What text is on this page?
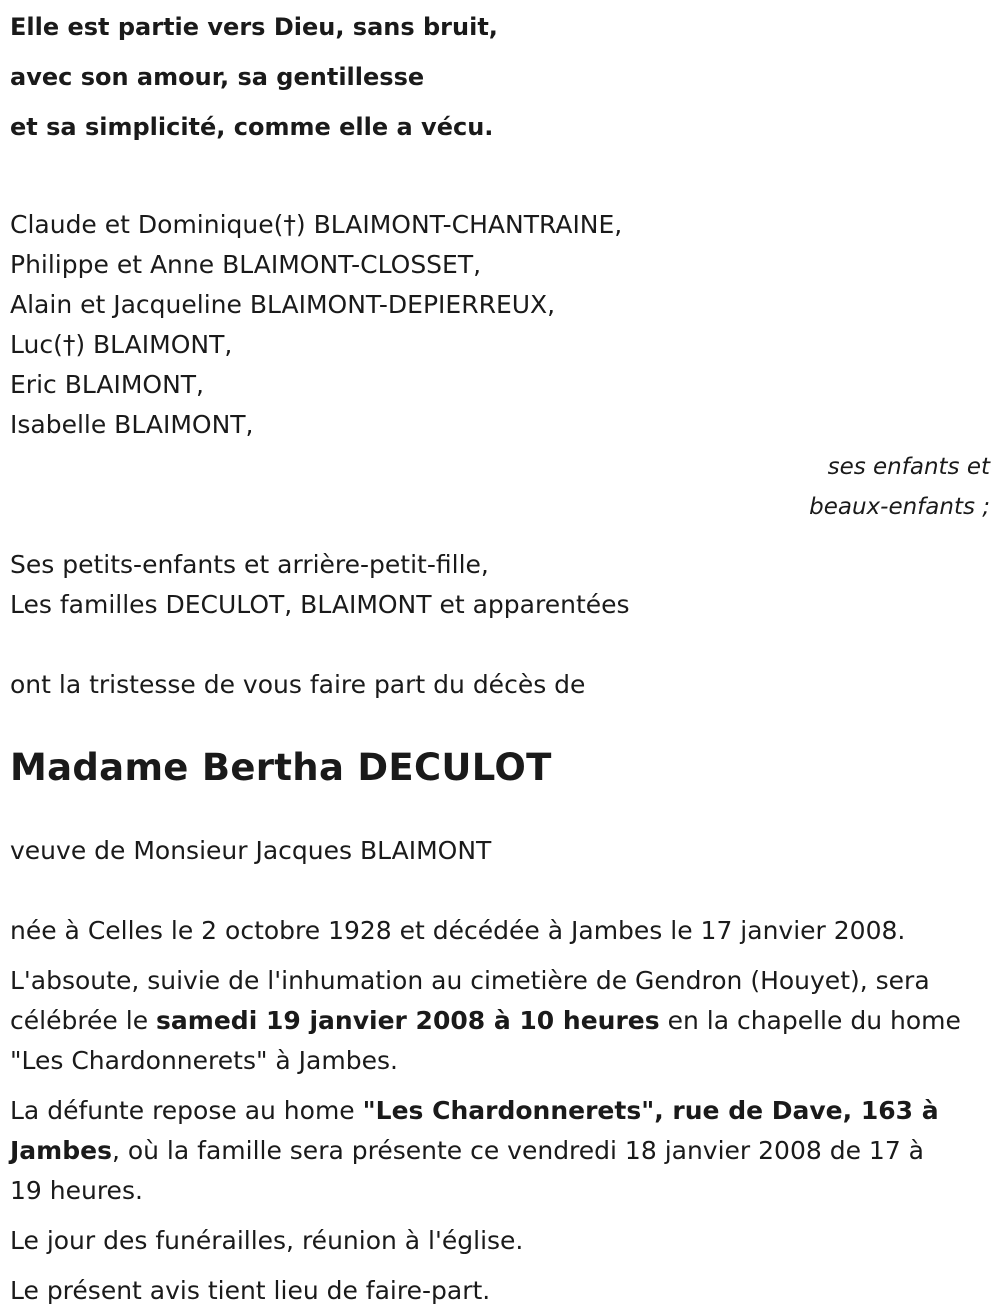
Elle est partie vers Dieu, sans bruit,

avec son amour, sa gentillesse

et sa simplicité, comme elle a vécu.

Claude et Dominique(†) BLAIMONT-CHANTRAINE,

Philippe et Anne BLAIMONT-CLOSSET,

Alain et Jacqueline BLAIMONT-DEPIERREUX,

Luc(†) BLAIMONT,

Eric BLAIMONT,

Isabelle BLAIMONT,

ses enfants et

beaux-enfants ;

Ses petits-enfants et arrière-petit-fille,

Les familles DECULOT, BLAIMONT et apparentées

ont la tristesse de vous faire part du décès de

Madame Bertha DECULOT

veuve de Monsieur Jacques BLAIMONT

née à Celles le 2 octobre 1928 et décédée à Jambes le 17 janvier 2008.

L'absoute, suivie de l'inhumation au cimetière de Gendron (Houyet), sera
célébrée le samedi 19 janvier 2008 à 10 heures en la chapelle du home
"Les Chardonnerets" à Jambes.
La défunte repose au home "Les Chardonnerets", rue de Dave, 163 à
Jambes, où la famille sera présente ce vendredi 18 janvier 2008 de 17 à
19 heures.

Le jour des funérailles, réunion à l'église.

Le présent avis tient lieu de faire-part.
